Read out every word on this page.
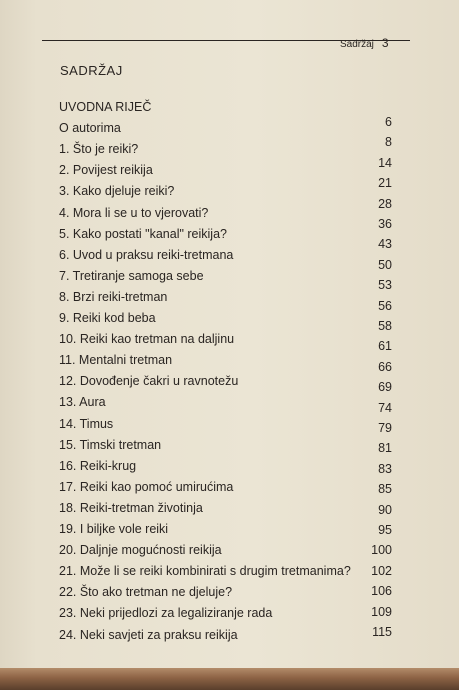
Sadržaj 3
SADRŽAJ
UVODNA RIJEČ
O autorima
1. Što je reiki?
2. Povijest reikija
3. Kako djeluje reiki?
4. Mora li se u to vjerovati?
5. Kako postati "kanal" reikija?
6. Uvod u praksu reiki-tretmana
7. Tretiranje samoga sebe
8. Brzi reiki-tretman
9. Reiki kod beba
10. Reiki kao tretman na daljinu
11. Mentalni tretman
12. Dovođenje čakri u ravnotežu
13. Aura
14. Timus
15. Timski tretman
16. Reiki-krug
17. Reiki kao pomoć umirućima
18. Reiki-tretman životinja
19. I biljke vole reiki
20. Daljnje mogućnosti reikija
21. Može li se reiki kombinirati s drugim tretmanima?
22. Što ako tretman ne djeluje?
23. Neki prijedlozi za legaliziranje rada
24. Neki savjeti za praksu reikija
6
8
14
21
28
36
43
50
53
56
58
61
66
69
74
79
81
83
85
90
95
100
102
106
109
115
